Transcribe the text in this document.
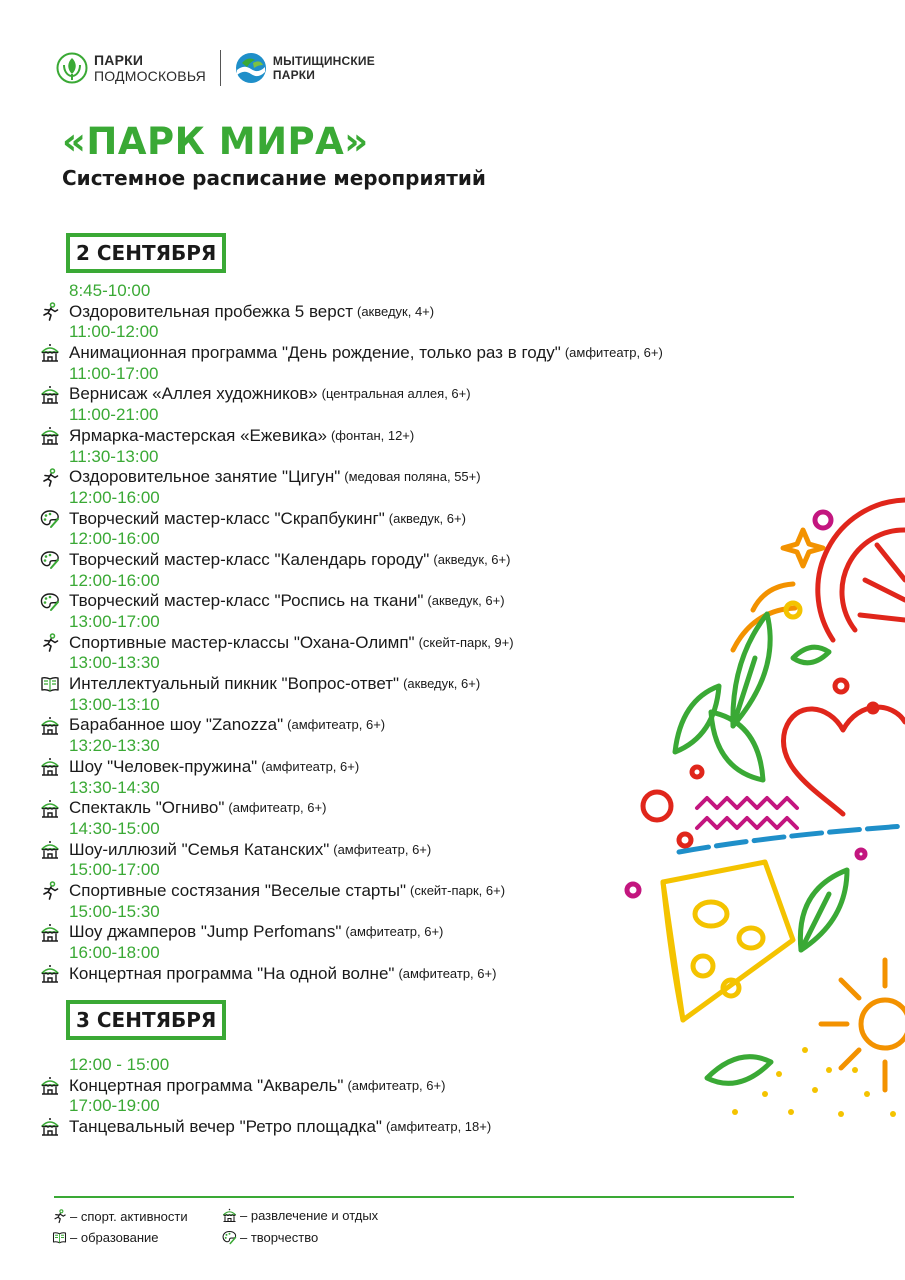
ПАРКИ
ПОДМОСКОВЬЯ
МЫТИЩИНСКИЕ
ПАРКИ
«ПАРК МИРА»
Системное расписание мероприятий
2 СЕНТЯБРЯ
8:45-10:00
Оздоровительная пробежка 5 верст (акведук, 4+)
11:00-12:00
Анимационная программа "День рождение, только раз в году" (амфитеатр, 6+)
11:00-17:00
Вернисаж «Аллея художников» (центральная аллея, 6+)
11:00-21:00
Ярмарка-мастерская «Ежевика» (фонтан, 12+)
11:30-13:00
Оздоровительное занятие "Цигун" (медовая поляна, 55+)
12:00-16:00
Творческий мастер-класс "Скрапбукинг" (акведук, 6+)
12:00-16:00
Творческий мастер-класс "Календарь городу" (акведук, 6+)
12:00-16:00
Творческий мастер-класс "Роспись на ткани" (акведук, 6+)
13:00-17:00
Спортивные мастер-классы "Охана-Олимп" (скейт-парк, 9+)
13:00-13:30
Интеллектуальный пикник "Вопрос-ответ" (акведук, 6+)
13:00-13:10
Барабанное шоу "Zanozza" (амфитеатр, 6+)
13:20-13:30
Шоу "Человек-пружина" (амфитеатр, 6+)
13:30-14:30
Спектакль "Огниво" (амфитеатр, 6+)
14:30-15:00
Шоу-иллюзий "Семья Катанских" (амфитеатр, 6+)
15:00-17:00
Спортивные состязания "Веселые старты" (скейт-парк, 6+)
15:00-15:30
Шоу джамперов "Jump Perfomans" (амфитеатр, 6+)
16:00-18:00
Концертная программа "На одной волне" (амфитеатр, 6+)
3 СЕНТЯБРЯ
12:00 - 15:00
Концертная программа "Акварель" (амфитеатр, 6+)
17:00-19:00
Танцевальный вечер "Ретро площадка" (амфитеатр, 18+)
– спорт. активности
– образование
– развлечение и отдых
– творчество
